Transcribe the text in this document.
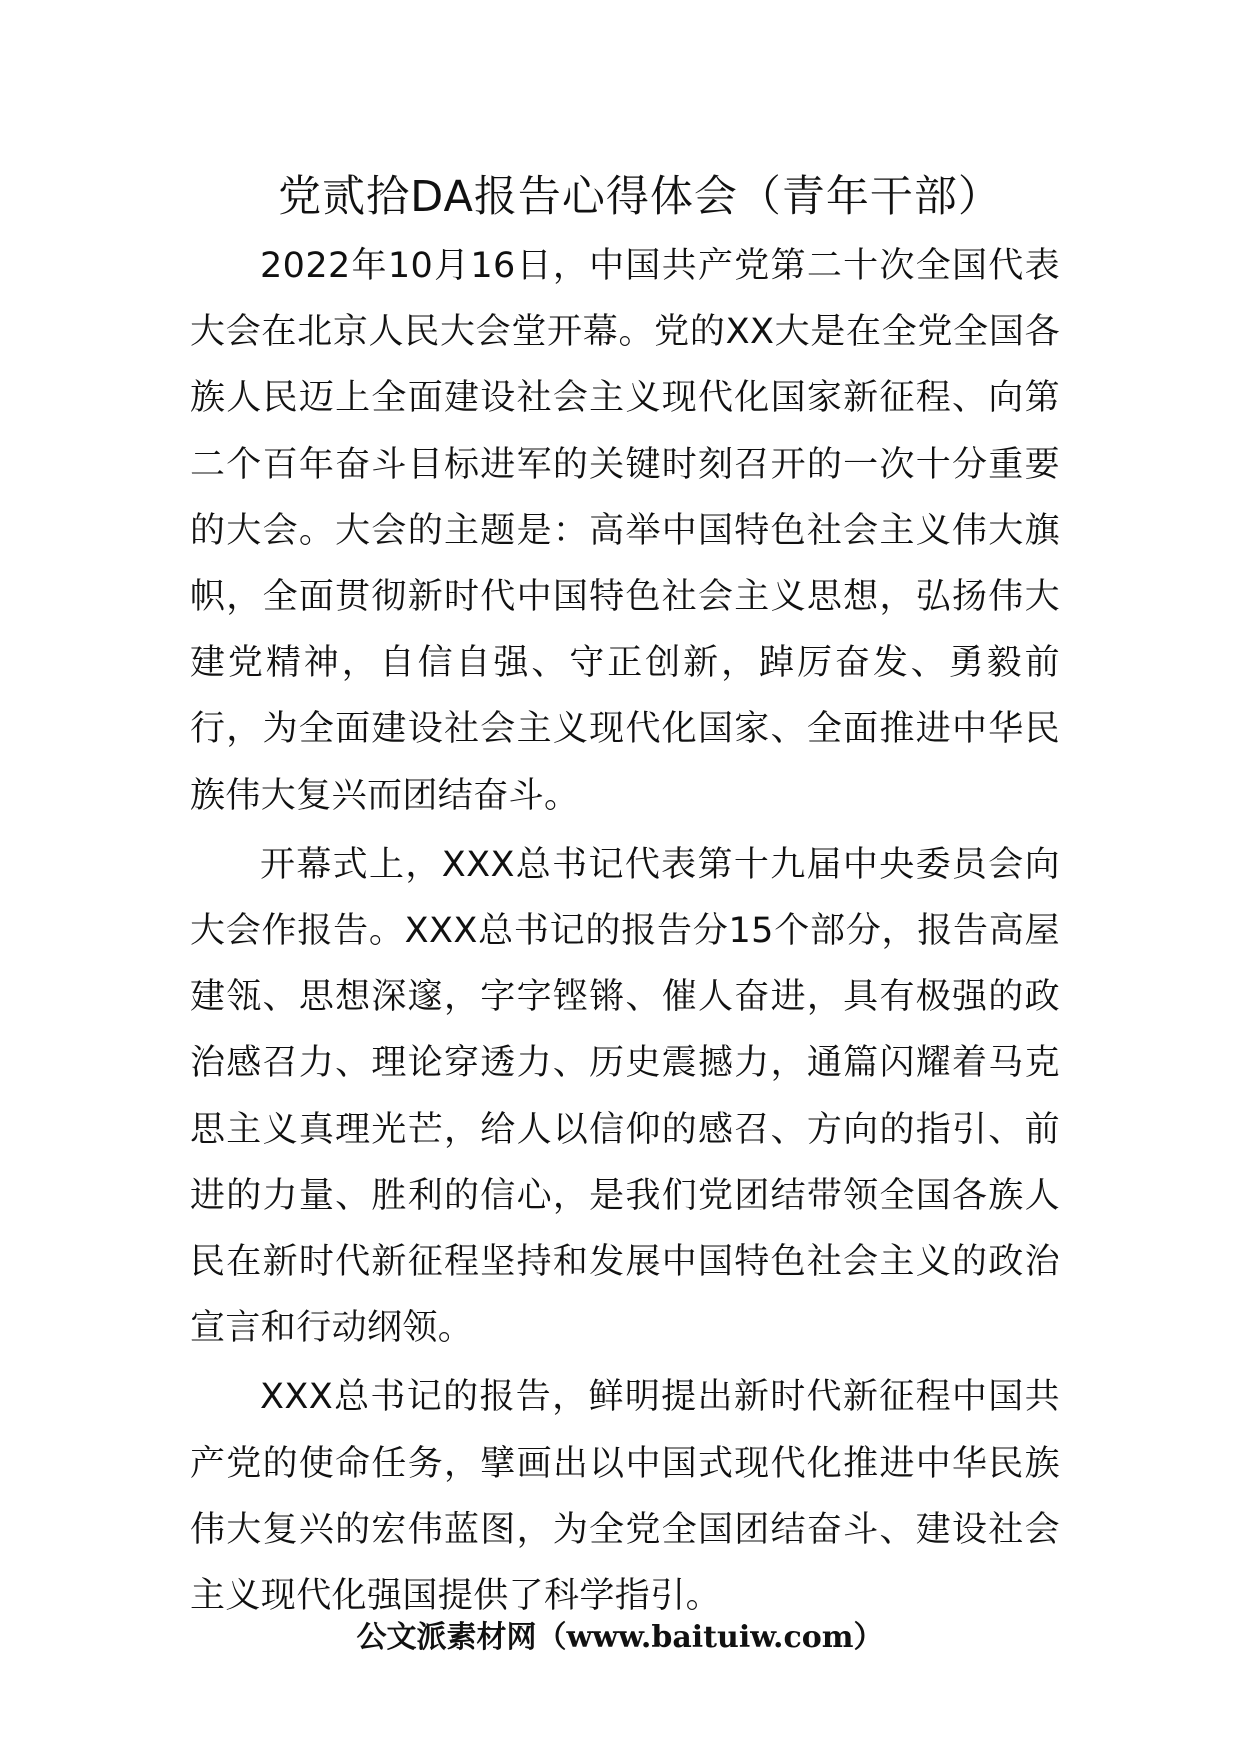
党贰拾DA报告心得体会（青年干部）

2022年10月16日，中国共产党第二十次全国代表大会在北京人民大会堂开幕。党的XX大是在全党全国各族人民迈上全面建设社会主义现代化国家新征程、向第二个百年奋斗目标进军的关键时刻召开的一次十分重要的大会。大会的主题是：高举中国特色社会主义伟大旗帜，全面贯彻新时代中国特色社会主义思想，弘扬伟大建党精神，自信自强、守正创新，踔厉奋发、勇毅前行，为全面建设社会主义现代化国家、全面推进中华民族伟大复兴而团结奋斗。

开幕式上，XXX总书记代表第十九届中央委员会向大会作报告。XXX总书记的报告分15个部分，报告高屋建瓴、思想深邃，字字铿锵、催人奋进，具有极强的政治感召力、理论穿透力、历史震撼力，通篇闪耀着马克思主义真理光芒，给人以信仰的感召、方向的指引、前进的力量、胜利的信心，是我们党团结带领全国各族人民在新时代新征程坚持和发展中国特色社会主义的政治宣言和行动纲领。

XXX总书记的报告，鲜明提出新时代新征程中国共产党的使命任务，擘画出以中国式现代化推进中华民族伟大复兴的宏伟蓝图，为全党全国团结奋斗、建设社会主义现代化强国提供了科学指引。

公文派素材网（www.baituiw.com）
